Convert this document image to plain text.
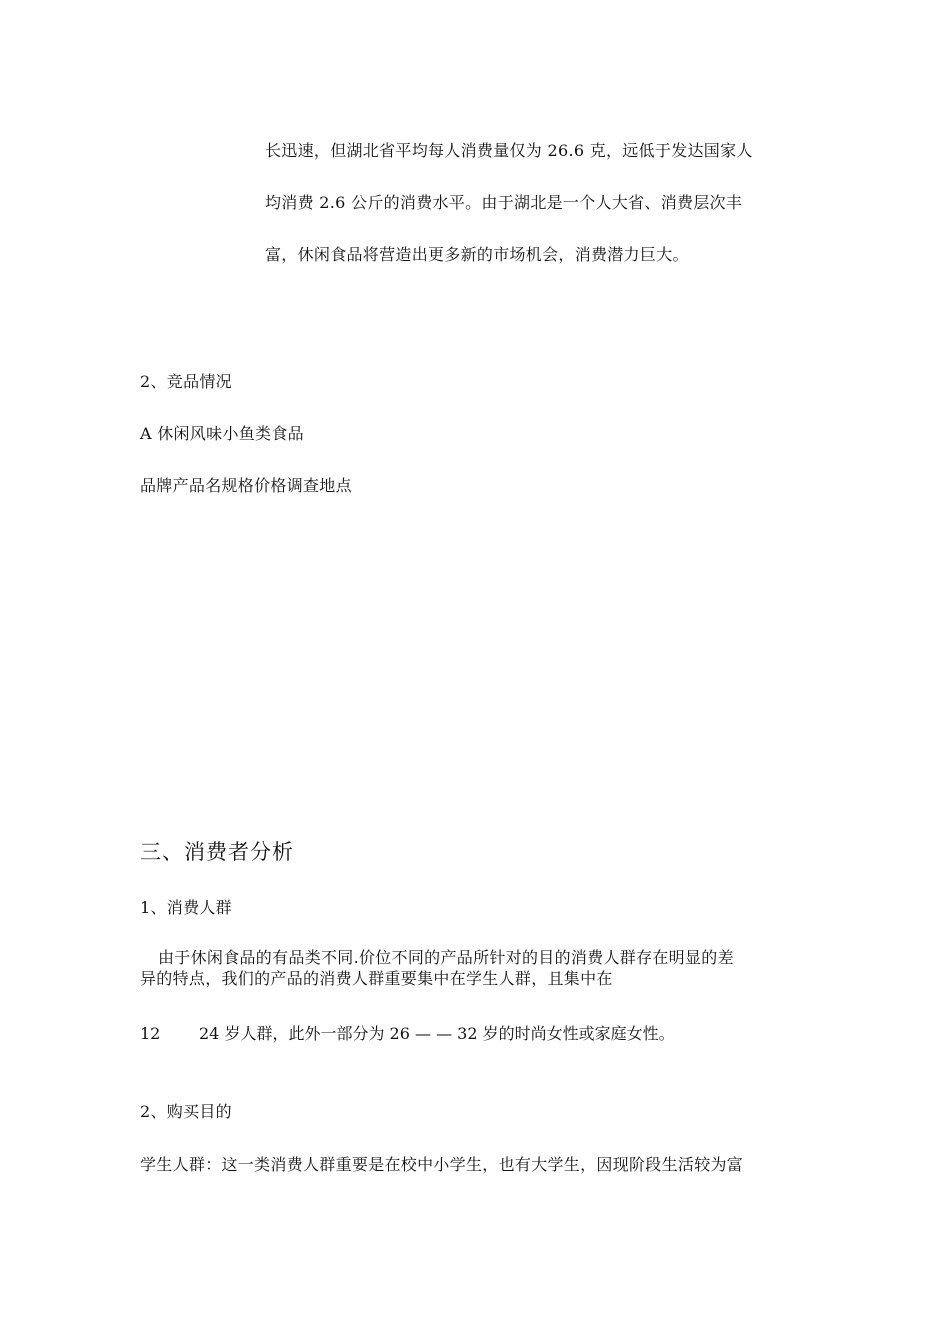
长迅速，但湖北省平均每人消费量仅为 26.6 克，远低于发达国家人
均消费 2.6 公斤的消费水平。由于湖北是一个人大省、消费层次丰
富，休闲食品将营造出更多新的市场机会，消费潜力巨大。
2、竞品情况
A 休闲风味小鱼类食品
品牌产品名规格价格调查地点
三、消费者分析
1、消费人群
由于休闲食品的有品类不同.价位不同的产品所针对的目的消费人群存在明显的差
异的特点，我们的产品的消费人群重要集中在学生人群，且集中在
12 24 岁人群，此外一部分为 26 — — 32 岁的时尚女性或家庭女性。
2、购买目的
学生人群：这一类消费人群重要是在校中小学生，也有大学生，因现阶段生活较为富
